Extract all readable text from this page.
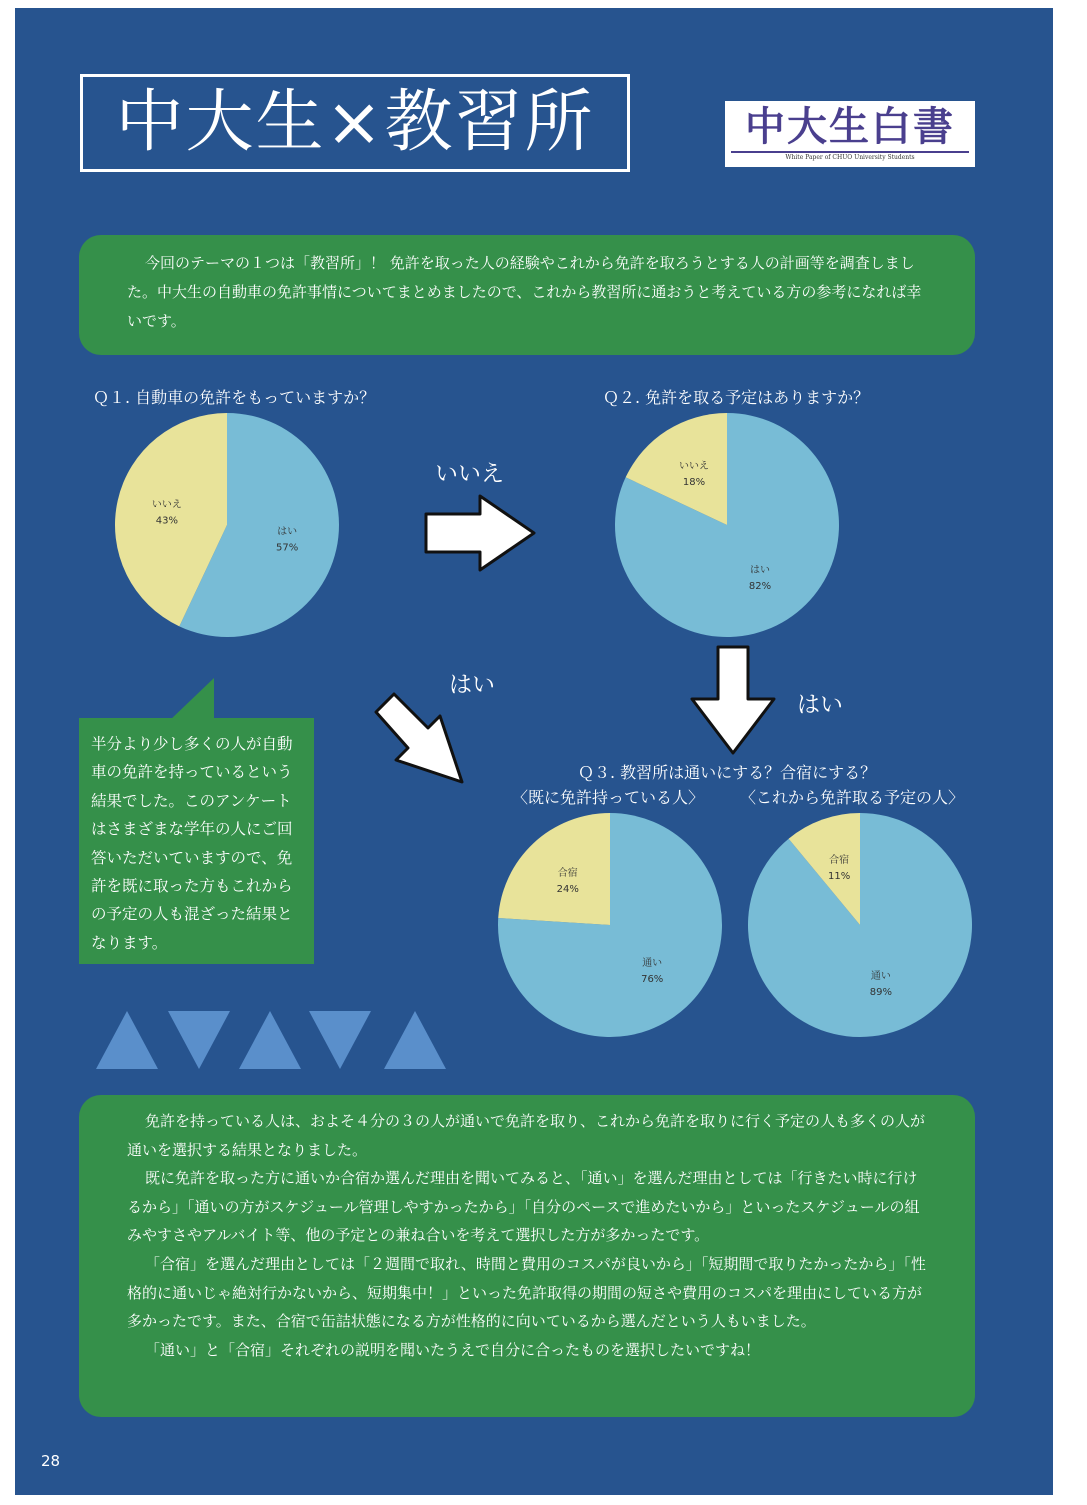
中大生×教習所	中大生白書
White Paper of CHUO University Students
今回のテーマの１つは「教習所」！ 免許を取った人の経験やこれから免許を取ろうとする人の計画等を調査しました。中大生の自動車の免許事情についてまとめましたので、これから教習所に通おうと考えている方の参考になれば幸いです。
Ｑ１. 自動車の免許をもっていますか？	Ｑ２. 免許を取る予定はありますか？
Ｑ３. 教習所は通いにする？合宿にする？
〈既に免許持っている人〉 〈これから免許取る予定の人〉
いいえ
はい
はい
はい
57%
いいえ
43%
はい
82%
いいえ
18%
通い
76%
合宿
24%
通い
89%
合宿
11%
半分より少し多くの人が自動車の免許を持っているという結果でした。このアンケートはさまざまな学年の人にご回答いただいていますので、免許を既に取った方もこれからの予定の人も混ざった結果となります。

免許を持っている人は、およそ４分の３の人が通いで免許を取り、これから免許を取りに行く予定の人も多くの人が通いを選択する結果となりました。

既に免許を取った方に通いか合宿か選んだ理由を聞いてみると、「通い」を選んだ理由としては「行きたい時に行けるから」「通いの方がスケジュール管理しやすかったから」「自分のペースで進めたいから」といったスケジュールの組みやすさやアルバイト等、他の予定との兼ね合いを考えて選択した方が多かったです。

「合宿」を選んだ理由としては「２週間で取れ、時間と費用のコスパが良いから」「短期間で取りたかったから」「性格的に通いじゃ絶対行かないから、短期集中！」といった免許取得の期間の短さや費用のコスパを理由にしている方が多かったです。また、合宿で缶詰状態になる方が性格的に向いているから選んだという人もいました。

「通い」と「合宿」それぞれの説明を聞いたうえで自分に合ったものを選択したいですね！

28
